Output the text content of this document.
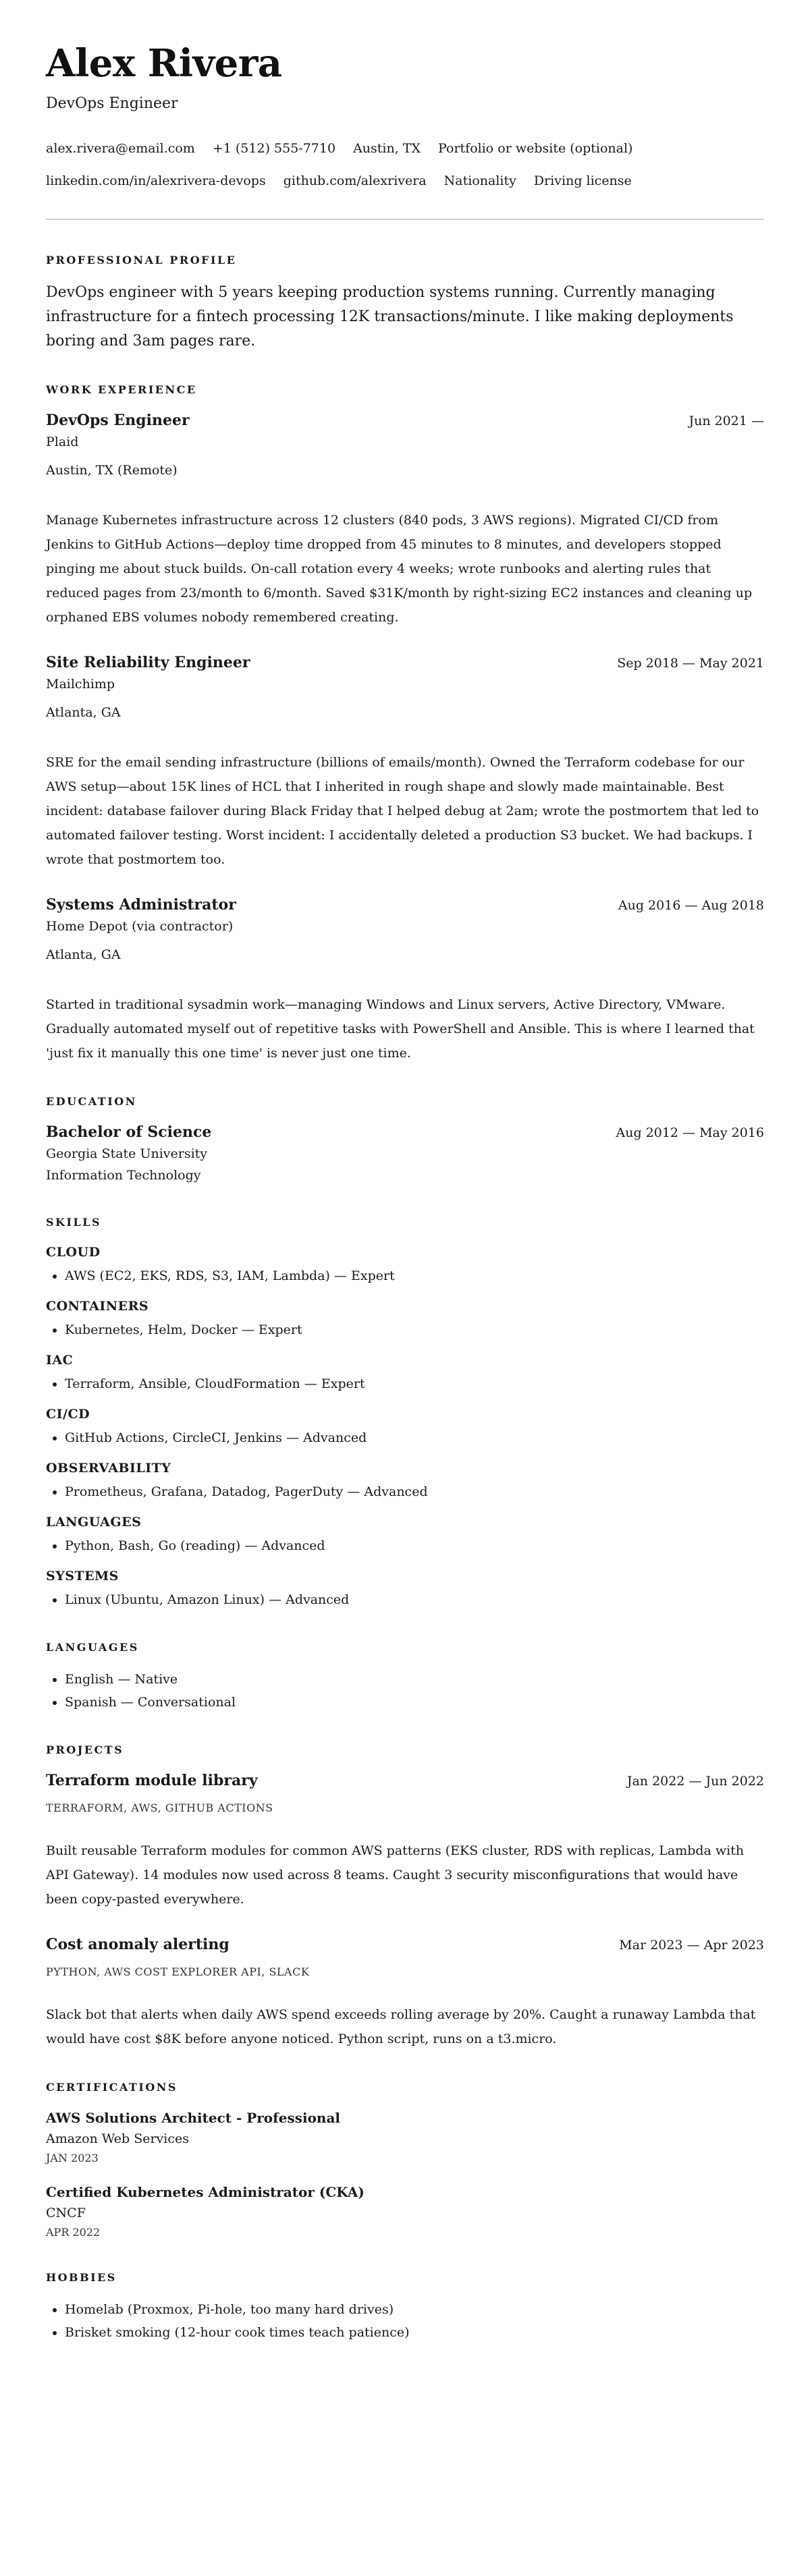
Alex Rivera
DevOps Engineer
alex.rivera@email.com +1 (512) 555-7710 Austin, TX Portfolio or website (optional)
linkedin.com/in/alexrivera-devops github.com/alexrivera Nationality Driving license
PROFESSIONAL PROFILE

DevOps engineer with 5 years keeping production systems running. Currently managing infrastructure for a fintech processing 12K transactions/minute. I like making deployments boring and 3am pages rare.

WORK EXPERIENCE
DevOps Engineer	Jun 2021 —
Plaid
Austin, TX (Remote)
Manage Kubernetes infrastructure across 12 clusters (840 pods, 3 AWS regions). Migrated CI/CD from Jenkins to GitHub Actions—deploy time dropped from 45 minutes to 8 minutes, and developers stopped pinging me about stuck builds. On-call rotation every 4 weeks; wrote runbooks and alerting rules that reduced pages from 23/month to 6/month. Saved $31K/month by right-sizing EC2 instances and cleaning up orphaned EBS volumes nobody remembered creating.
Site Reliability Engineer	Sep 2018 — May 2021
Mailchimp
Atlanta, GA
SRE for the email sending infrastructure (billions of emails/month). Owned the Terraform codebase for our AWS setup—about 15K lines of HCL that I inherited in rough shape and slowly made maintainable. Best incident: database failover during Black Friday that I helped debug at 2am; wrote the postmortem that led to automated failover testing. Worst incident: I accidentally deleted a production S3 bucket. We had backups. I wrote that postmortem too.
Systems Administrator	Aug 2016 — Aug 2018
Home Depot (via contractor)
Atlanta, GA
Started in traditional sysadmin work—managing Windows and Linux servers, Active Directory, VMware. Gradually automated myself out of repetitive tasks with PowerShell and Ansible. This is where I learned that 'just fix it manually this one time' is never just one time.
EDUCATION
Bachelor of Science	Aug 2012 — May 2016
Georgia State University
Information Technology
SKILLS
CLOUD
• AWS (EC2, EKS, RDS, S3, IAM, Lambda) — Expert
CONTAINERS
• Kubernetes, Helm, Docker — Expert
IAC
• Terraform, Ansible, CloudFormation — Expert
CI/CD
• GitHub Actions, CircleCI, Jenkins — Advanced
OBSERVABILITY
• Prometheus, Grafana, Datadog, PagerDuty — Advanced
LANGUAGES
• Python, Bash, Go (reading) — Advanced
SYSTEMS
• Linux (Ubuntu, Amazon Linux) — Advanced
LANGUAGES
• English — Native
• Spanish — Conversational
PROJECTS
Terraform module library	Jan 2022 — Jun 2022
TERRAFORM, AWS, GITHUB ACTIONS
Built reusable Terraform modules for common AWS patterns (EKS cluster, RDS with replicas, Lambda with API Gateway). 14 modules now used across 8 teams. Caught 3 security misconfigurations that would have been copy-pasted everywhere.
Cost anomaly alerting	Mar 2023 — Apr 2023
PYTHON, AWS COST EXPLORER API, SLACK
Slack bot that alerts when daily AWS spend exceeds rolling average by 20%. Caught a runaway Lambda that would have cost $8K before anyone noticed. Python script, runs on a t3.micro.
CERTIFICATIONS
AWS Solutions Architect - Professional
Amazon Web Services
JAN 2023
Certified Kubernetes Administrator (CKA)
CNCF
APR 2022
HOBBIES
• Homelab (Proxmox, Pi-hole, too many hard drives)
• Brisket smoking (12-hour cook times teach patience)
